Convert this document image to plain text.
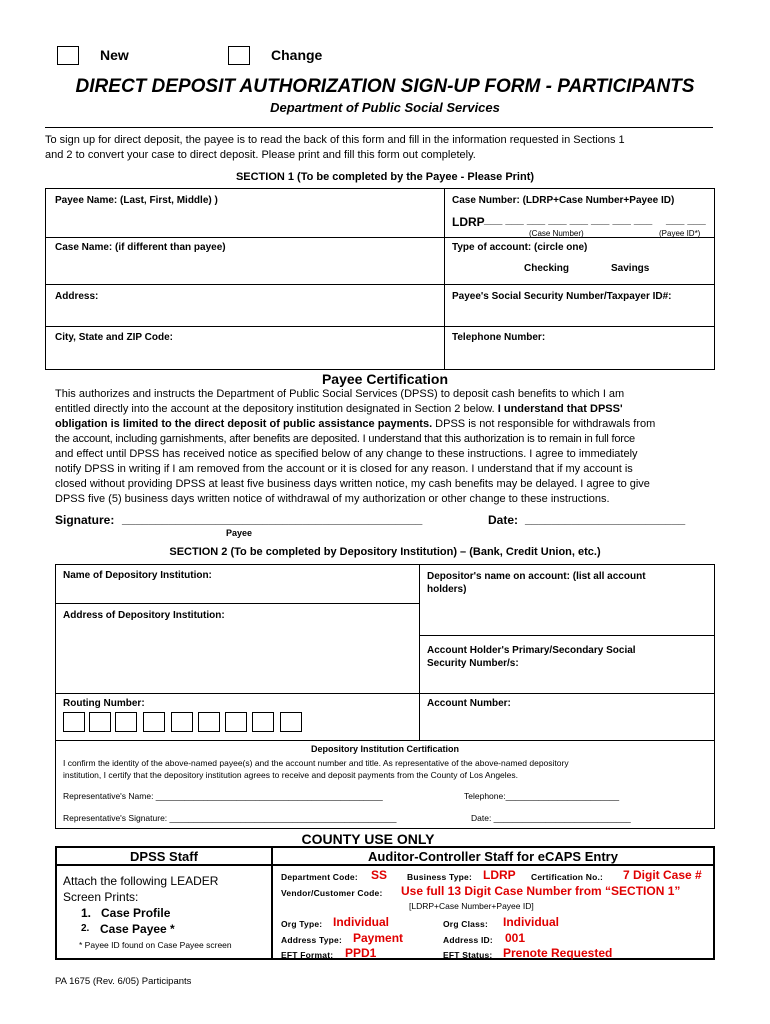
New	Change
DIRECT DEPOSIT AUTHORIZATION SIGN-UP FORM - PARTICIPANTS
Department of Public Social Services
To sign up for direct deposit, the payee is to read the back of this form and fill in the information requested in Sections 1
and 2 to convert your case to direct deposit. Please print and fill this form out completely.
SECTION 1 (To be completed by the Payee - Please Print)
Payee Name: (Last, First, Middle) )	Case Number: (LDRP+Case Number+Payee ID)
LDRP ___ ___ ___ ___ ___ ___ ___ ___ ___ ___
(Case Number)	(Payee ID*)
Case Name: (if different than payee)	Type of account: (circle one)
Checking	Savings
Address:	Payee's Social Security Number/Taxpayer ID#:
City, State and ZIP Code:	Telephone Number:
Payee Certification
This authorizes and instructs the Department of Public Social Services (DPSS) to deposit cash benefits to which I am
entitled directly into the account at the depository institution designated in Section 2 below. I understand that DPSS'
obligation is limited to the direct deposit of public assistance payments. DPSS is not responsible for withdrawals from
the account, including garnishments, after benefits are deposited. I understand that this authorization is to remain in full force
and effect until DPSS has received notice as specified below of any change to these instructions. I agree to immediately
notify DPSS in writing if I am removed from the account or it is closed for any reason. I understand that if my account is
closed without providing DPSS at least five business days written notice, my cash benefits may be delayed. I agree to give
DPSS five (5) business days written notice of withdrawal of my authorization or other change to these instructions.
Signature: _____________________________________________
Payee
Date: ________________________
SECTION 2 (To be completed by Depository Institution) – (Bank, Credit Union, etc.)
Name of Depository Institution:	Depositor's name on account: (list all account
holders)
Address of Depository Institution:
Account Holder's Primary/Secondary Social
Security Number/s:
Routing Number:	Account Number:
Depository Institution Certification
I confirm the identity of the above-named payee(s) and the account number and title. As representative of the above-named depository
institution, I certify that the depository institution agrees to receive and deposit payments from the County of Los Angeles.
Representative's Name: ________________________________________________	Telephone:________________________
Representative's Signature: ________________________________________________	Date: _____________________________
COUNTY USE ONLY
DPSS Staff	Auditor-Controller Staff for eCAPS Entry
Attach the following LEADER
Screen Prints:
1.   Case Profile
2. Case Payee *
* Payee ID found on Case Payee screen
Department Code: SS Business Type: LDRP Certification No.: 7 Digit Case #
Vendor/Customer Code: Use full 13 Digit Case Number from “SECTION 1”
[LDRP+Case Number+Payee ID]
Org Type: Individual	Org Class: Individual
Address Type: Payment	Address ID: 001
EFT Format: PPD1	EFT Status: Prenote Requested
PA 1675 (Rev. 6/05) Participants
